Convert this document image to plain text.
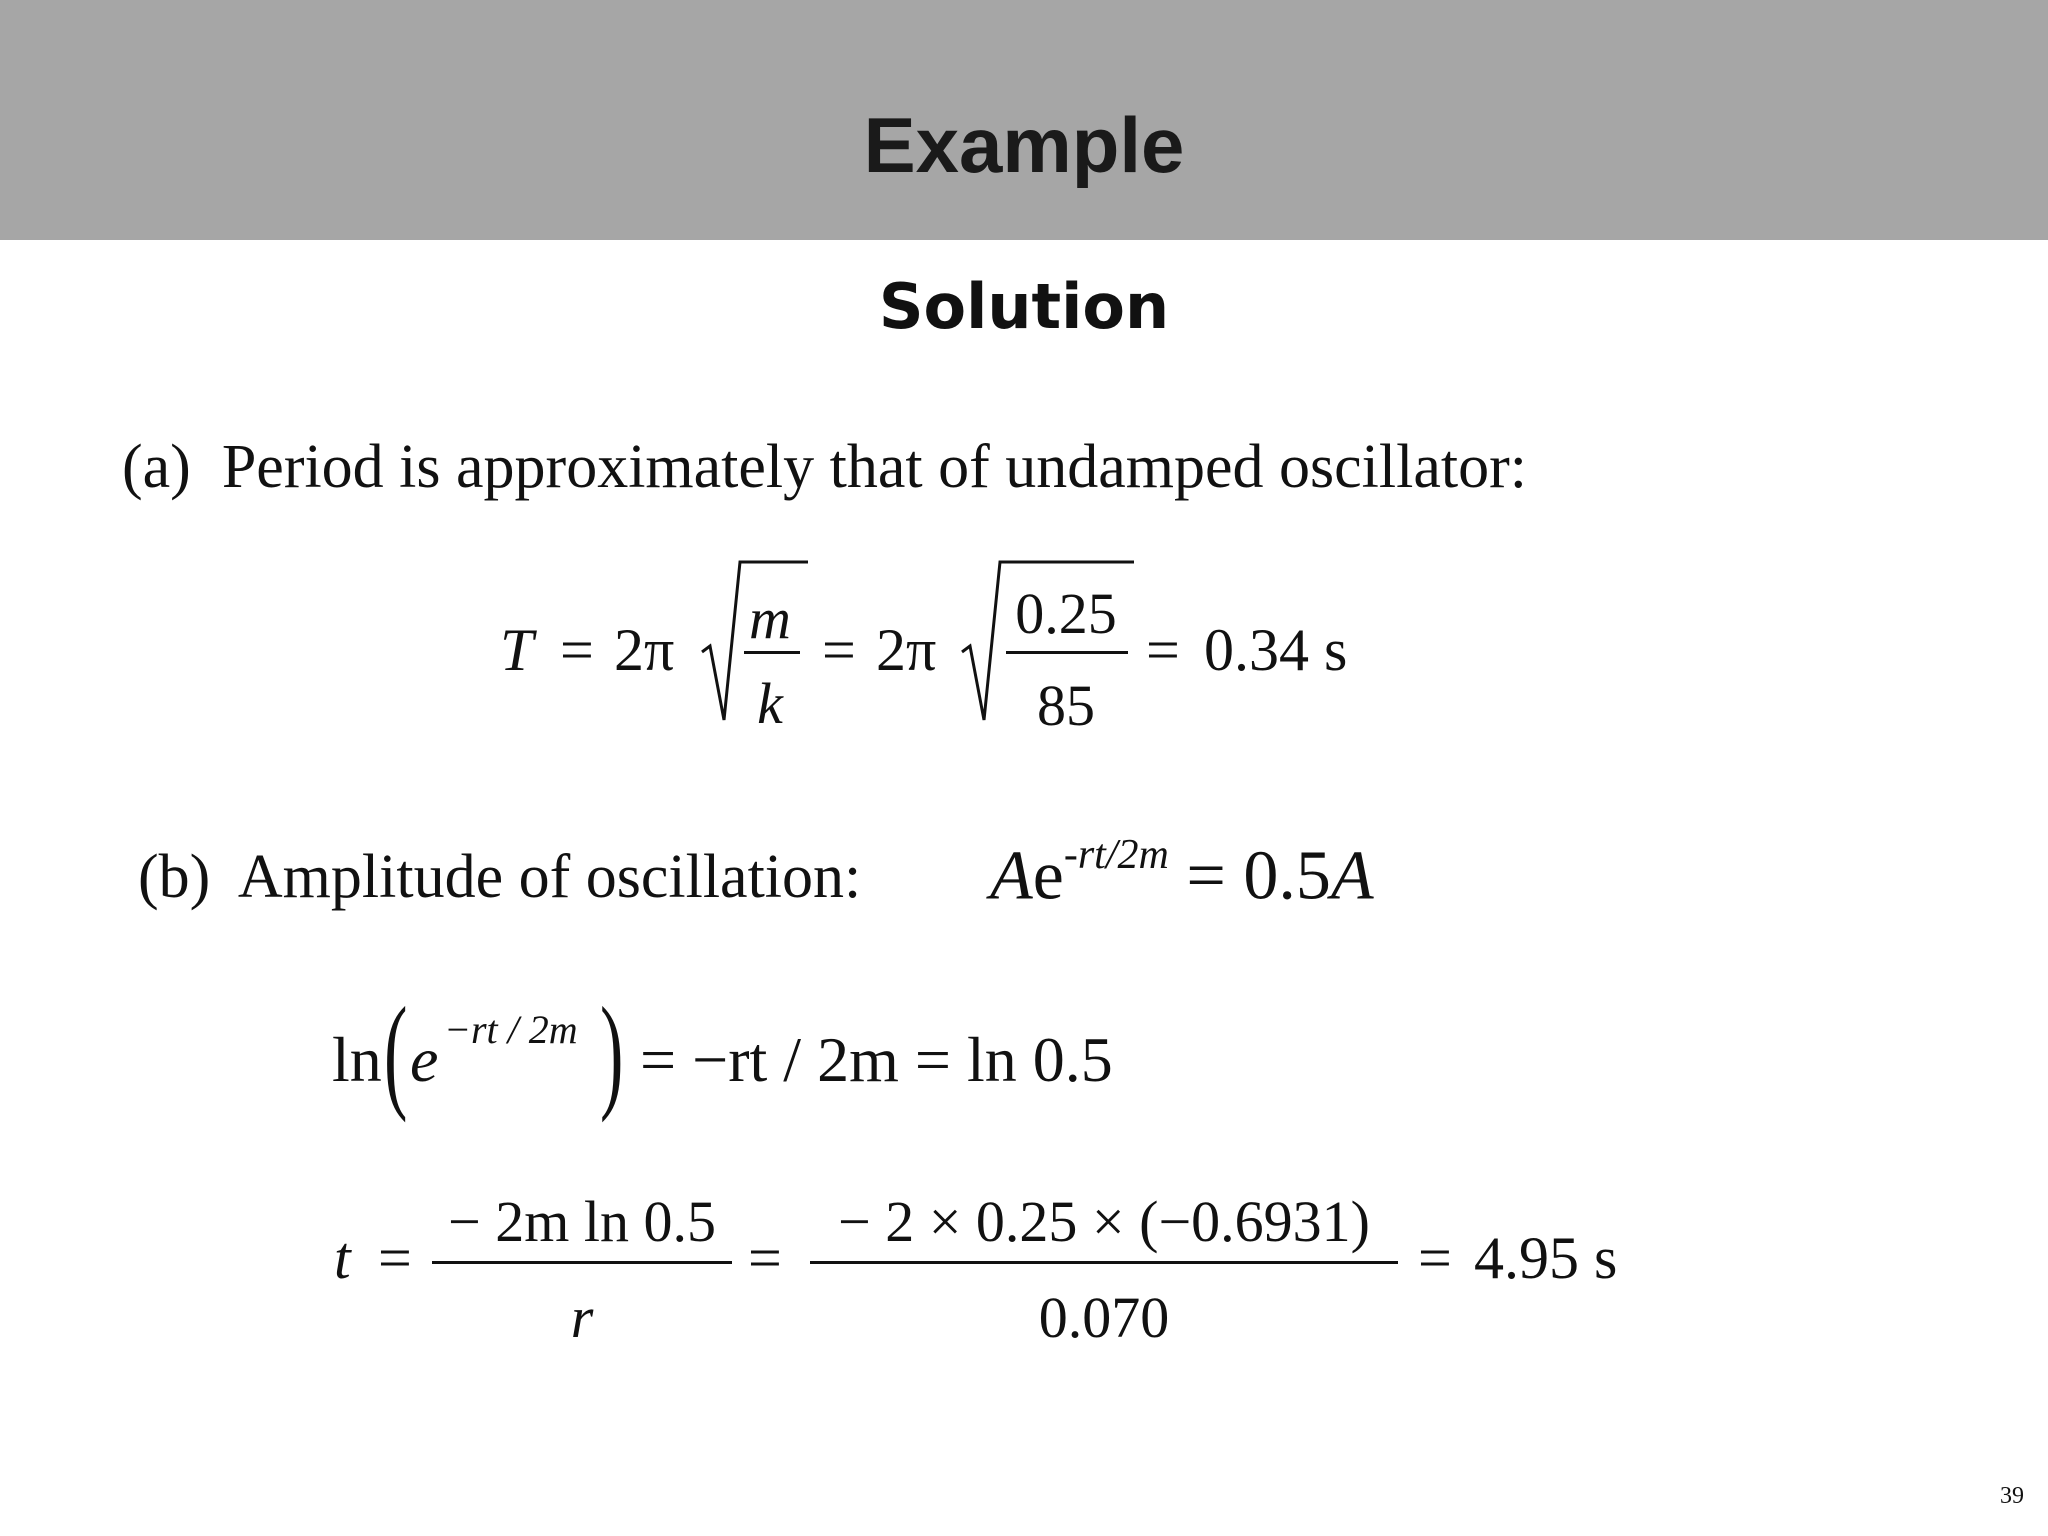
Example
Solution
(a) Period is approximately that of undamped oscillator:
T = 2π m
k
= 2π
0.25
85
= 0.34 s
(b) Amplitude of oscillation: $Ae^{-rt/2m} = 0.5A$
ln ( e −rt / 2m ) = −rt / 2m = ln 0.5
t =
− 2m ln 0.5
r
=
− 2 × 0.25 × (−0.6931)
0.070
= 4.95 s
39
